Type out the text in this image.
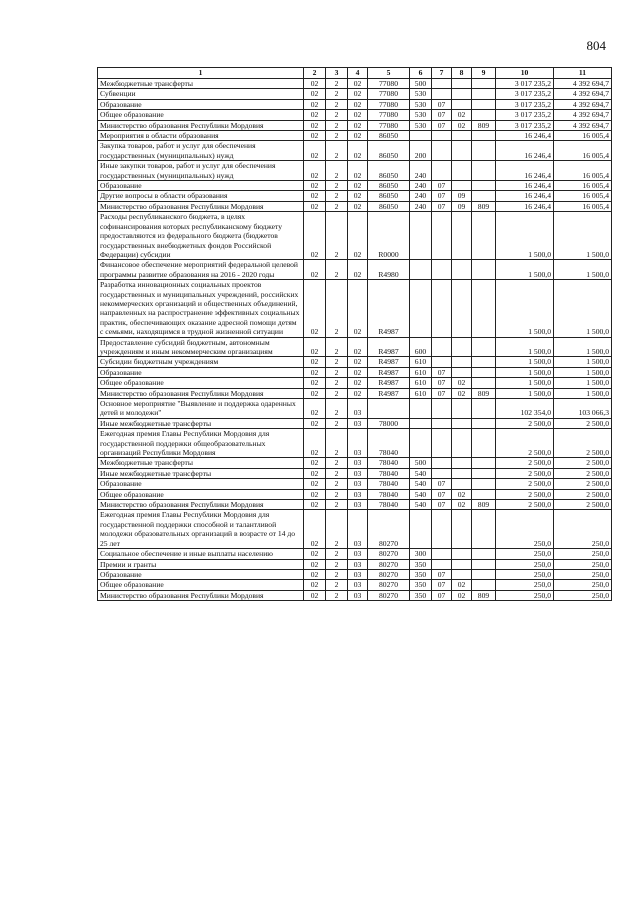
804
1	2	3	4	5	6	7	8	9	10	11
Межбюджетные трансферты	02	2	02	77080	500				3 017 235,2	4 392 694,7
Субвенции	02	2	02	77080	530				3 017 235,2	4 392 694,7
Образование	02	2	02	77080	530	07			3 017 235,2	4 392 694,7
Общее образование	02	2	02	77080	530	07	02		3 017 235,2	4 392 694,7
Министерство образования Республики Мордовия	02	2	02	77080	530	07	02	809	3 017 235,2	4 392 694,7
Мероприятия в области образования	02	2	02	86050					16 246,4	16 005,4
Закупка товаров, работ и услуг для обеспечения государственных (муниципальных) нужд	02	2	02	86050	200				16 246,4	16 005,4
Иные закупки товаров, работ и услуг для обеспечения государственных (муниципальных) нужд	02	2	02	86050	240				16 246,4	16 005,4
Образование	02	2	02	86050	240	07			16 246,4	16 005,4
Другие вопросы в области образования	02	2	02	86050	240	07	09		16 246,4	16 005,4
Министерство образования Республики Мордовия	02	2	02	86050	240	07	09	809	16 246,4	16 005,4
Расходы республиканского бюджета, в целях софинансирования которых республиканскому бюджету предоставляются из федерального бюджета (бюджетов государственных внебюджетных фондов Российской Федерации) субсидии	02	2	02	R0000					1 500,0	1 500,0
Финансовое обеспечение мероприятий федеральной целевой программы развитие образования на 2016 - 2020 годы	02	2	02	R4980					1 500,0	1 500,0
Разработка инновационных социальных проектов государственных и муниципальных учреждений, российских некоммерческих организаций и общественных объединений, направленных на распространение эффективных социальных практик, обеспечивающих оказание адресной помощи детям с семьями, находящимся в трудной жизненной ситуации	02	2	02	R4987					1 500,0	1 500,0
Предоставление субсидий бюджетным, автономным учреждениям и иным некоммерческим организациям	02	2	02	R4987	600				1 500,0	1 500,0
Субсидии бюджетным учреждениям	02	2	02	R4987	610				1 500,0	1 500,0
Образование	02	2	02	R4987	610	07			1 500,0	1 500,0
Общее образование	02	2	02	R4987	610	07	02		1 500,0	1 500,0
Министерство образования Республики Мордовия	02	2	02	R4987	610	07	02	809	1 500,0	1 500,0
Основное мероприятие "Выявление и поддержка одаренных детей и молодежи"	02	2	03						102 354,0	103 066,3
Иные межбюджетные трансферты	02	2	03	78000					2 500,0	2 500,0
Ежегодная премия Главы Республики Мордовия для государственной поддержки общеобразовательных организаций Республики Мордовия	02	2	03	78040					2 500,0	2 500,0
Межбюджетные трансферты	02	2	03	78040	500				2 500,0	2 500,0
Иные межбюджетные трансферты	02	2	03	78040	540				2 500,0	2 500,0
Образование	02	2	03	78040	540	07			2 500,0	2 500,0
Общее образование	02	2	03	78040	540	07	02		2 500,0	2 500,0
Министерство образования Республики Мордовия	02	2	03	78040	540	07	02	809	2 500,0	2 500,0
Ежегодная премия Главы Республики Мордовия для государственной поддержки способной и талантливой молодежи образовательных организаций в возрасте от 14 до 25 лет	02	2	03	80270					250,0	250,0
Социальное обеспечение и иные выплаты населению	02	2	03	80270	300				250,0	250,0
Премии и гранты	02	2	03	80270	350				250,0	250,0
Образование	02	2	03	80270	350	07			250,0	250,0
Общее образование	02	2	03	80270	350	07	02		250,0	250,0
Министерство образования Республики Мордовия	02	2	03	80270	350	07	02	809	250,0	250,0
